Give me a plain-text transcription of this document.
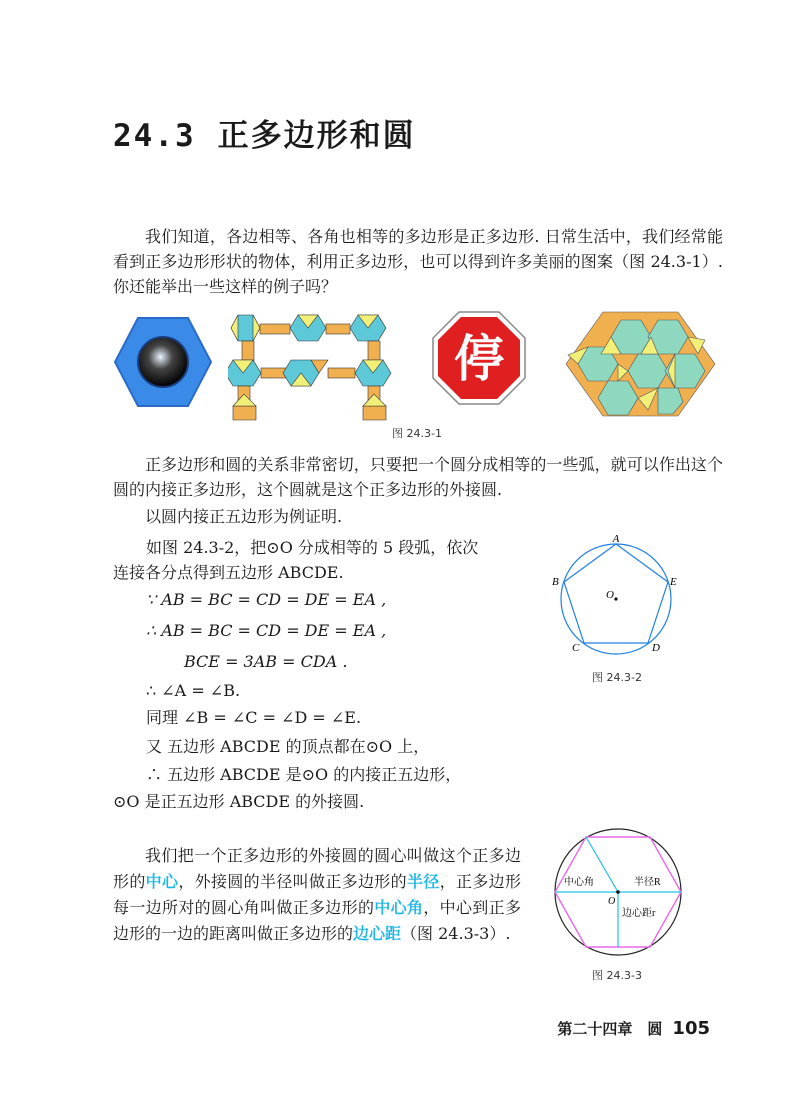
24.3 正多边形和圆
我们知道，各边相等、各角也相等的多边形是正多边形. 日常生活中，我们经常能看到正多边形形状的物体，利用正多边形，也可以得到许多美丽的图案（图 24.3-1）. 你还能举出一些这样的例子吗？
停
图 24.3-1
正多边形和圆的关系非常密切，只要把一个圆分成相等的一些弧，就可以作出这个圆的内接正多边形，这个圆就是这个正多边形的外接圆.
以圆内接正五边形为例证明.
如图 24.3-2，把⊙O 分成相等的 5 段弧，依次
连接各分点得到五边形 ABCDE.
∵ AB = BC = CD = DE = EA ,
∴ AB = BC = CD = DE = EA ,
BCE = 3AB = CDA .
∴ ∠A = ∠B.
同理 ∠B = ∠C = ∠D = ∠E.
又 五边形 ABCDE 的顶点都在⊙O 上，
∴ 五边形 ABCDE 是⊙O 的内接正五边形，
⊙O 是正五边形 ABCDE 的外接圆.
A
B
C	D
E
O
图 24.3-2
我们把一个正多边形的外接圆的圆心叫做这个正多边形的中心，外接圆的半径叫做正多边形的半径，正多边形每一边所对的圆心角叫做正多边形的中心角，中心到正多边形的一边的距离叫做正多边形的边心距（图 24.3-3）.
中心角	半径R
O
边心距r
图 24.3-3
第二十四章　圆 105
